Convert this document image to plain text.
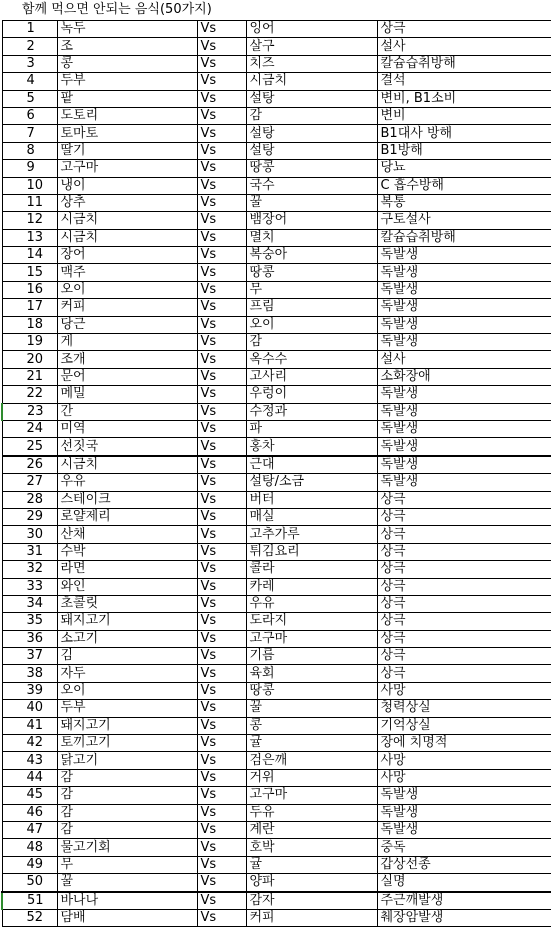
함께 먹으면 안되는 음식(50가지)
1	녹두	Vs	잉어	상극
2	조	Vs	살구	설사
3	콩	Vs	치즈	칼슘습취방해
4	두부	Vs	시금치	결석
5	팥	Vs	설탕	변비, B1소비
6	도토리	Vs	감	변비
7	토마토	Vs	설탕	B1대사 방해
8	딸기	Vs	설탕	B1방해
9	고구마	Vs	땅콩	당뇨
10	냉이	Vs	국수	C 흡수방해
11	상추	Vs	꿀	복통
12	시금치	Vs	뱀장어	구토설사
13	시금치	Vs	멸치	칼슘습취방해
14	장어	Vs	복숭아	독발생
15	맥주	Vs	땅콩	독발생
16	오이	Vs	무	독발생
17	커피	Vs	프림	독발생
18	당근	Vs	오이	독발생
19	게	Vs	감	독발생
20	조개	Vs	옥수수	설사
21	문어	Vs	고사리	소화장애
22	메밀	Vs	우렁이	독발생
23	간	Vs	수정과	독발생
24	미역	Vs	파	독발생
25	선짓국	Vs	홍차	독발생
26	시금치	Vs	근대	독발생
27	우유	Vs	설탕/소금	독발생
28	스테이크	Vs	버터	상극
29	로얄제리	Vs	매실	상극
30	산채	Vs	고추가루	상극
31	수박	Vs	튀김요리	상극
32	라면	Vs	콜라	상극
33	와인	Vs	카레	상극
34	초콜릿	Vs	우유	상극
35	돼지고기	Vs	도라지	상극
36	소고기	Vs	고구마	상극
37	김	Vs	기름	상극
38	자두	Vs	육회	상극
39	오이	Vs	땅콩	사망
40	두부	Vs	꿀	청력상실
41	돼지고기	Vs	콩	기억상실
42	토끼고기	Vs	귤	장에 치명적
43	닭고기	Vs	검은깨	사망
44	감	Vs	거위	사망
45	감	Vs	고구마	독발생
46	감	Vs	두유	독발생
47	감	Vs	계란	독발생
48	물고기회	Vs	호박	중독
49	무	Vs	귤	갑상선종
50	꿀	Vs	양파	실명
51	바나나	Vs	감자	주근깨발생
52	담배	Vs	커피	췌장암발생
